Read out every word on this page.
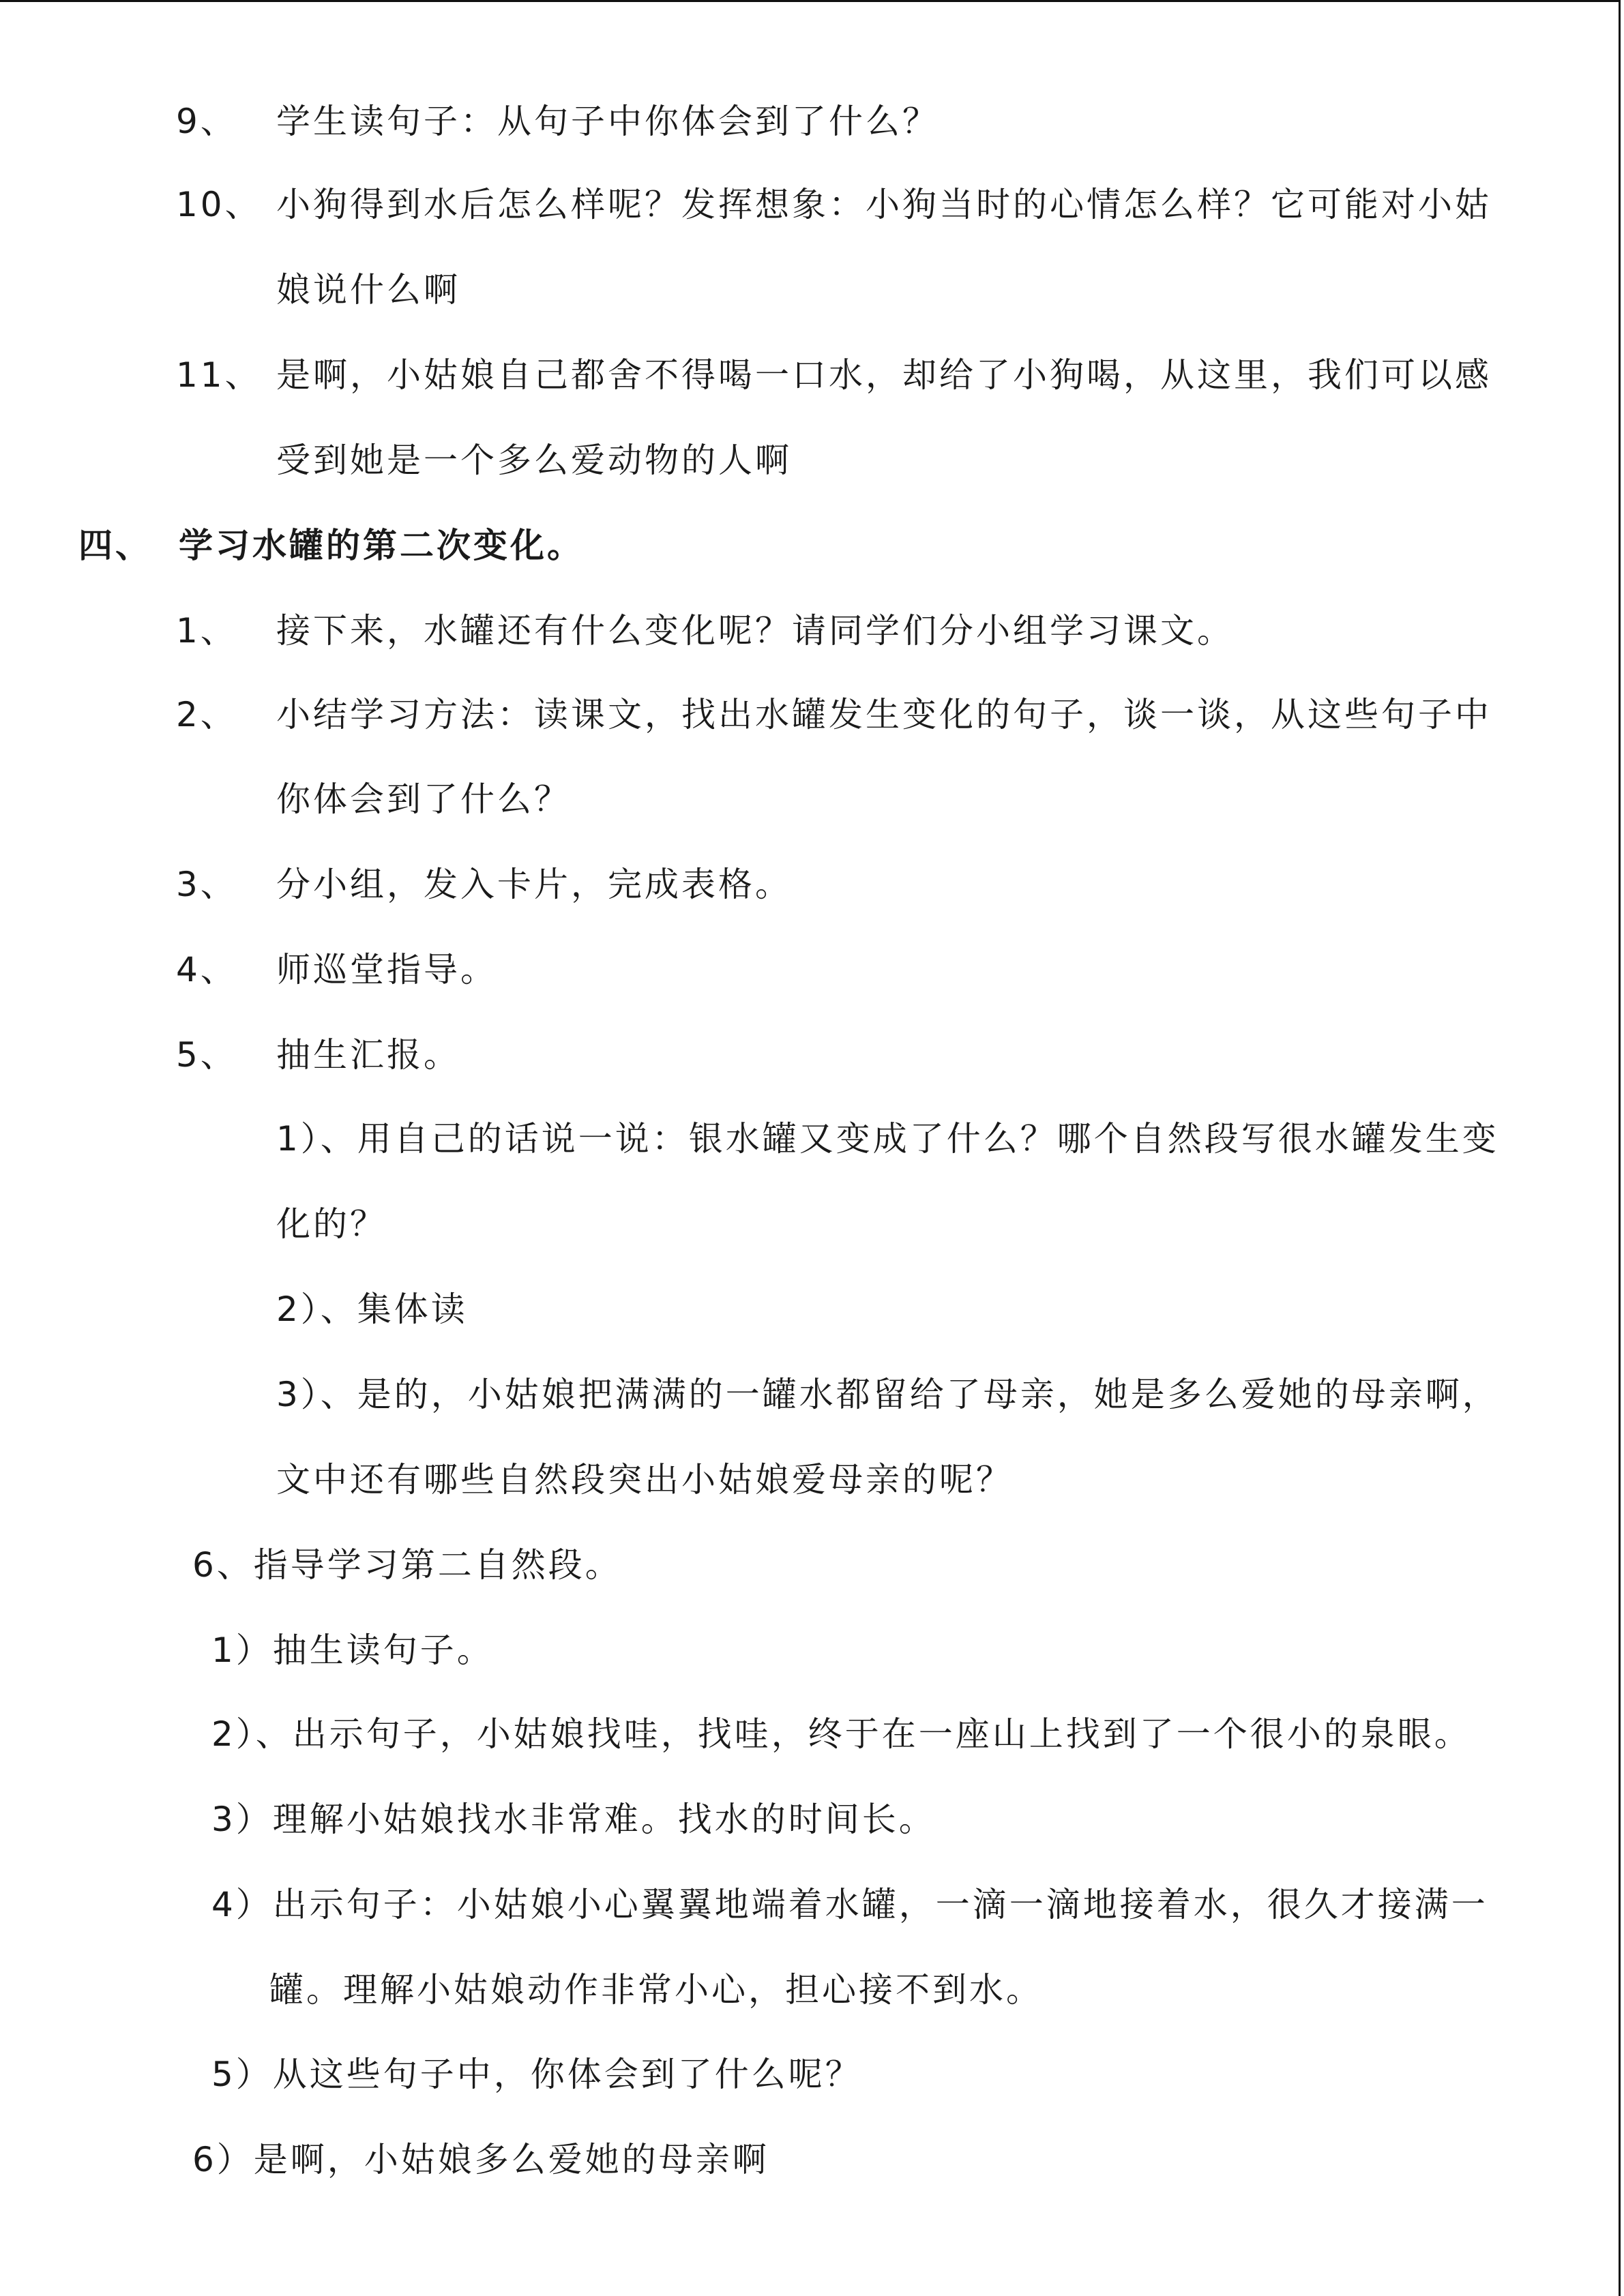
9、 学生读句子：从句子中你体会到了什么？
10、 小狗得到水后怎么样呢？发挥想象：小狗当时的心情怎么样？它可能对小姑
娘说什么啊
11、 是啊，小姑娘自己都舍不得喝一口水，却给了小狗喝，从这里，我们可以感
受到她是一个多么爱动物的人啊
四、 学习水罐的第二次变化。
1、 接下来，水罐还有什么变化呢？请同学们分小组学习课文。
2、 小结学习方法：读课文，找出水罐发生变化的句子，谈一谈，从这些句子中
你体会到了什么？
3、 分小组，发入卡片，完成表格。
4、 师巡堂指导。
5、 抽生汇报。
1）、用自己的话说一说：银水罐又变成了什么？哪个自然段写很水罐发生变
化的？
2）、集体读
3）、是的，小姑娘把满满的一罐水都留给了母亲，她是多么爱她的母亲啊，
文中还有哪些自然段突出小姑娘爱母亲的呢？
6、指导学习第二自然段。
1）抽生读句子。
2）、出示句子，小姑娘找哇，找哇，终于在一座山上找到了一个很小的泉眼。
3）理解小姑娘找水非常难。找水的时间长。
4）出示句子：小姑娘小心翼翼地端着水罐，一滴一滴地接着水，很久才接满一
罐。理解小姑娘动作非常小心，担心接不到水。
5）从这些句子中，你体会到了什么呢？
6）是啊，小姑娘多么爱她的母亲啊
